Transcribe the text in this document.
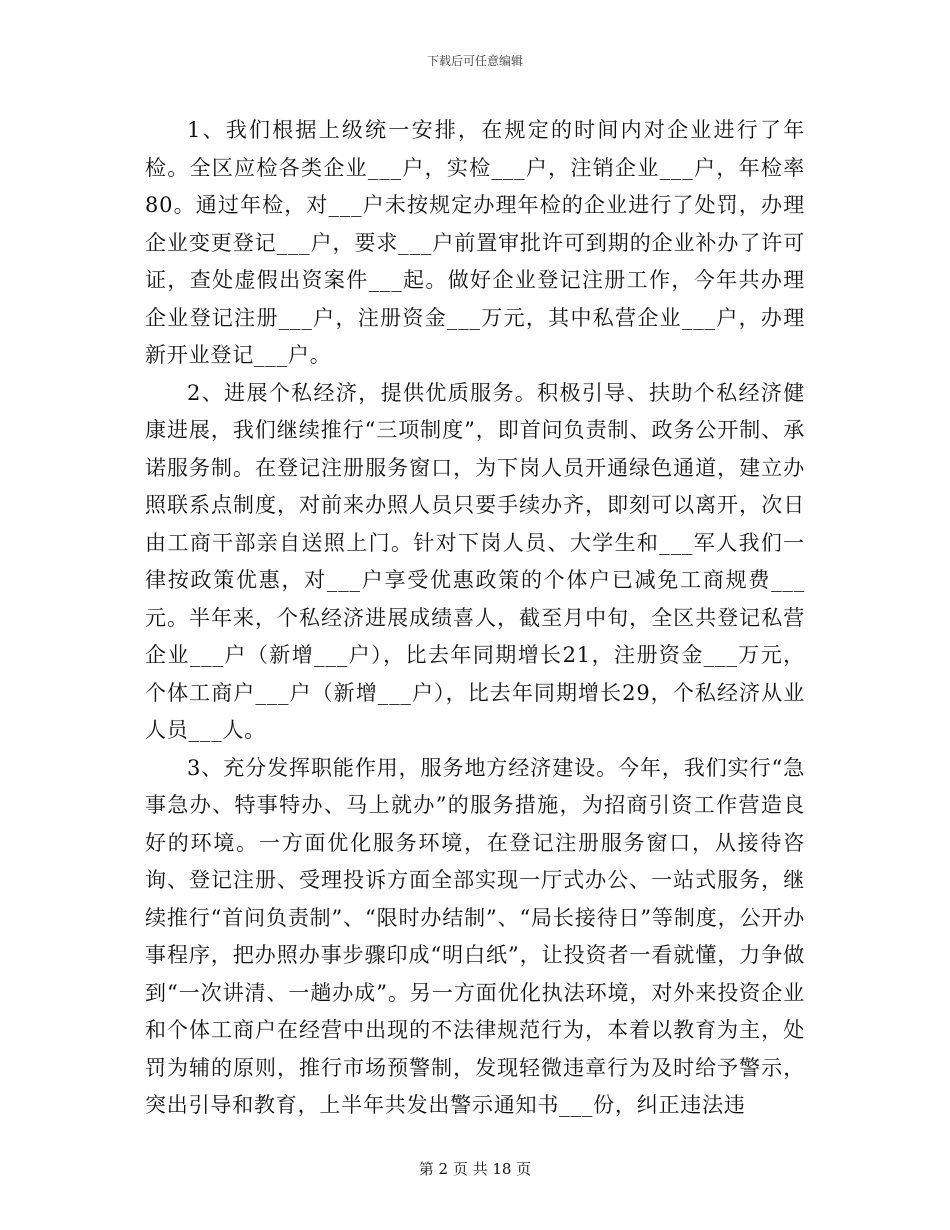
下载后可任意编辑

1、我们根据上级统一安排，在规定的时间内对企业进行了年检。全区应检各类企业___户，实检___户，注销企业___户，年检率80。通过年检，对___户未按规定办理年检的企业进行了处罚，办理企业变更登记___户，要求___户前置审批许可到期的企业补办了许可证，查处虚假出资案件___起。做好企业登记注册工作，今年共办理企业登记注册___户，注册资金___万元，其中私营企业___户，办理新开业登记___户。

2、进展个私经济，提供优质服务。积极引导、扶助个私经济健康进展，我们继续推行“三项制度”，即首问负责制、政务公开制、承诺服务制。在登记注册服务窗口，为下岗人员开通绿色通道，建立办照联系点制度，对前来办照人员只要手续办齐，即刻可以离开，次日由工商干部亲自送照上门。针对下岗人员、大学生和___军人我们一律按政策优惠，对___户享受优惠政策的个体户已减免工商规费___元。半年来，个私经济进展成绩喜人，截至月中旬，全区共登记私营企业___户（新增___户），比去年同期增长21，注册资金___万元，个体工商户___户（新增___户），比去年同期增长29，个私经济从业人员___人。

3、充分发挥职能作用，服务地方经济建设。今年，我们实行“急事急办、特事特办、马上就办”的服务措施，为招商引资工作营造良好的环境。一方面优化服务环境，在登记注册服务窗口，从接待咨询、登记注册、受理投诉方面全部实现一厅式办公、一站式服务，继续推行“首问负责制”、“限时办结制”、“局长接待日”等制度，公开办事程序，把办照办事步骤印成“明白纸”，让投资者一看就懂，力争做到“一次讲清、一趟办成”。另一方面优化执法环境，对外来投资企业和个体工商户在经营中出现的不法律规范行为，本着以教育为主，处罚为辅的原则，推行市场预警制，发现轻微违章行为及时给予警示，突出引导和教育，上半年共发出警示通知书___份，纠正违法违

第 2 页 共 18 页
